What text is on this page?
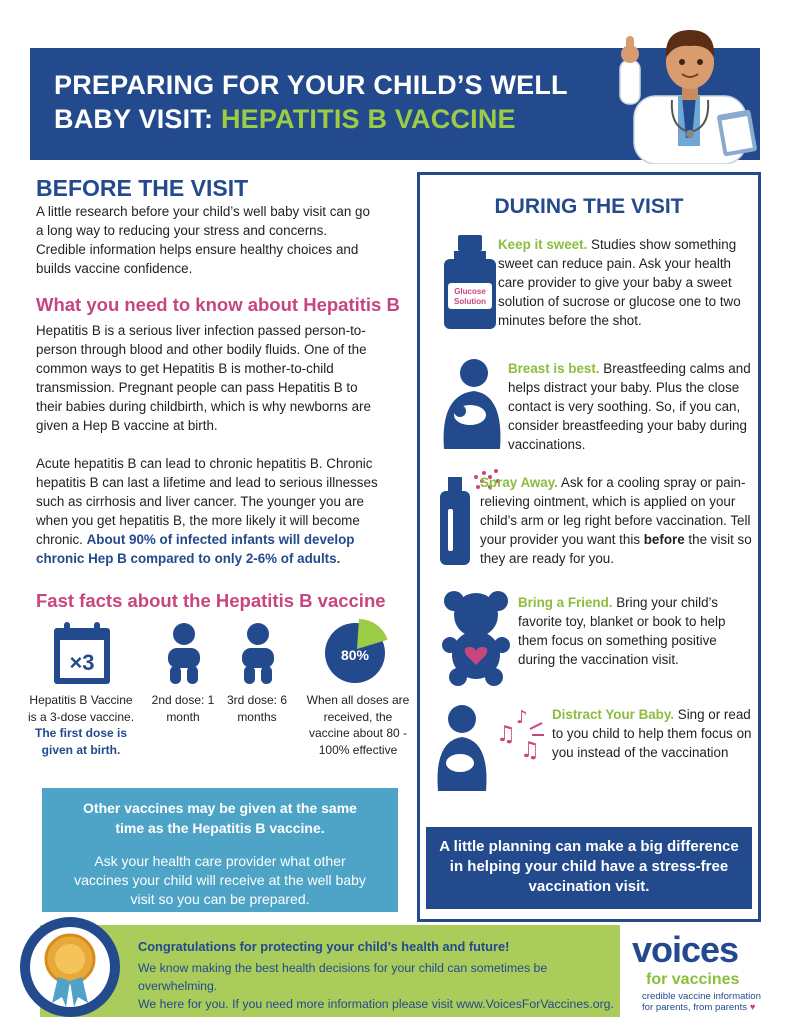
PREPARING FOR YOUR CHILD’S WELL
BABY VISIT: HEPATITIS B VACCINE
BEFORE THE VISIT
A little research before your child’s well baby visit can go a long way to reducing your stress and concerns. Credible information helps ensure healthy choices and builds vaccine confidence.
What you need to know about Hepatitis B
Hepatitis B is a serious liver infection passed person-to-person through blood and other bodily fluids. One of the common ways to get Hepatitis B is mother-to-child transmission. Pregnant people can pass Hepatitis B to their babies during childbirth, which is why newborns are given a Hep B vaccine at birth.
Acute hepatitis B can lead to chronic hepatitis B. Chronic hepatitis B can last a lifetime and lead to serious illnesses such as cirrhosis and liver cancer. The younger you are when you get hepatitis B, the more likely it will become chronic. About 90% of infected infants will develop chronic Hep B compared to only 2-6% of adults.
Fast facts about the Hepatitis B vaccine
×3	80%
Hepatitis B Vaccine is a 3-dose vaccine.
The first dose is given at birth.
2nd dose: 1 month
3rd dose: 6 months
When all doses are received, the vaccine about 80 - 100% effective
Other vaccines may be given at the same time as the Hepatitis B vaccine.
Ask your health care provider what other vaccines your child will receive at the well baby visit so you can be prepared.
DURING THE VISIT
Glucose
Solution
Keep it sweet. Studies show something sweet can reduce pain. Ask your health care provider to give your baby a sweet solution of sucrose or glucose one to two minutes before the shot.
Breast is best. Breastfeeding calms and helps distract your baby. Plus the close contact is very soothing. So, if you can, consider breastfeeding your baby during vaccinations.
Spray Away. Ask for a cooling spray or pain-relieving ointment, which is applied on your child’s arm or leg right before vaccination. Tell your provider you want this before the visit so they are ready for you.
Bring a Friend. Bring your child’s favorite toy, blanket or book to help them focus on something positive during the vaccination visit.
♫
♪
♫
Distract Your Baby. Sing or read to you child to help them focus on you instead of the vaccination
A little planning can make a big difference in helping your child have a stress-free vaccination visit.
Congratulations for protecting your child’s health and future!
We know making the best health decisions for your child can sometimes be overwhelming.
We here for you. If you need more information please visit www.VoicesForVaccines.org.
voices
for vaccines
credible vaccine information
for parents, from parents ♥
